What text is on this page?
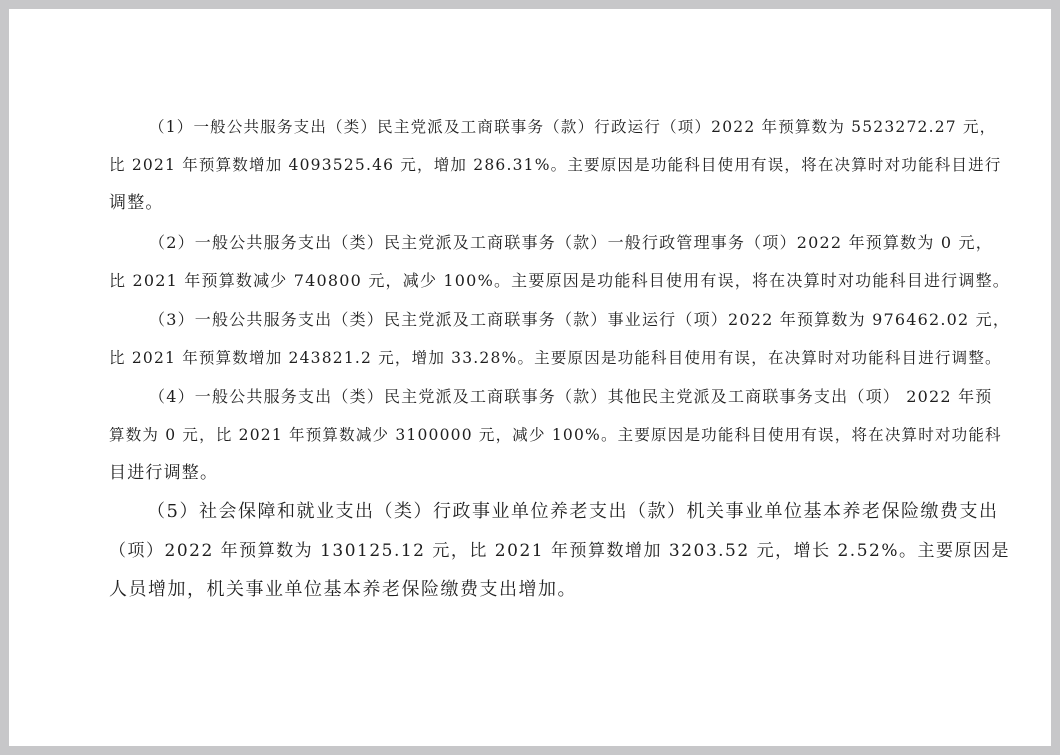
（1）一般公共服务支出（类）民主党派及工商联事务（款）行政运行（项）2022 年预算数为 5523272.27 元，

比 2021 年预算数增加 4093525.46 元，增加 286.31%。主要原因是功能科目使用有误，将在决算时对功能科目进行

调整。

（2）一般公共服务支出（类）民主党派及工商联事务（款）一般行政管理事务（项）2022 年预算数为 0 元，

比 2021 年预算数减少 740800 元，减少 100%。主要原因是功能科目使用有误，将在决算时对功能科目进行调整。

（3）一般公共服务支出（类）民主党派及工商联事务（款）事业运行（项）2022 年预算数为 976462.02 元，

比 2021 年预算数增加 243821.2 元，增加 33.28%。主要原因是功能科目使用有误，在决算时对功能科目进行调整。

（4）一般公共服务支出（类）民主党派及工商联事务（款）其他民主党派及工商联事务支出（项） 2022 年预

算数为 0 元，比 2021 年预算数减少 3100000 元，减少 100%。主要原因是功能科目使用有误，将在决算时对功能科

目进行调整。

（5）社会保障和就业支出（类）行政事业单位养老支出（款）机关事业单位基本养老保险缴费支出

（项）2022 年预算数为 130125.12 元，比 2021 年预算数增加 3203.52 元，增长 2.52%。主要原因是

人员增加，机关事业单位基本养老保险缴费支出增加。
